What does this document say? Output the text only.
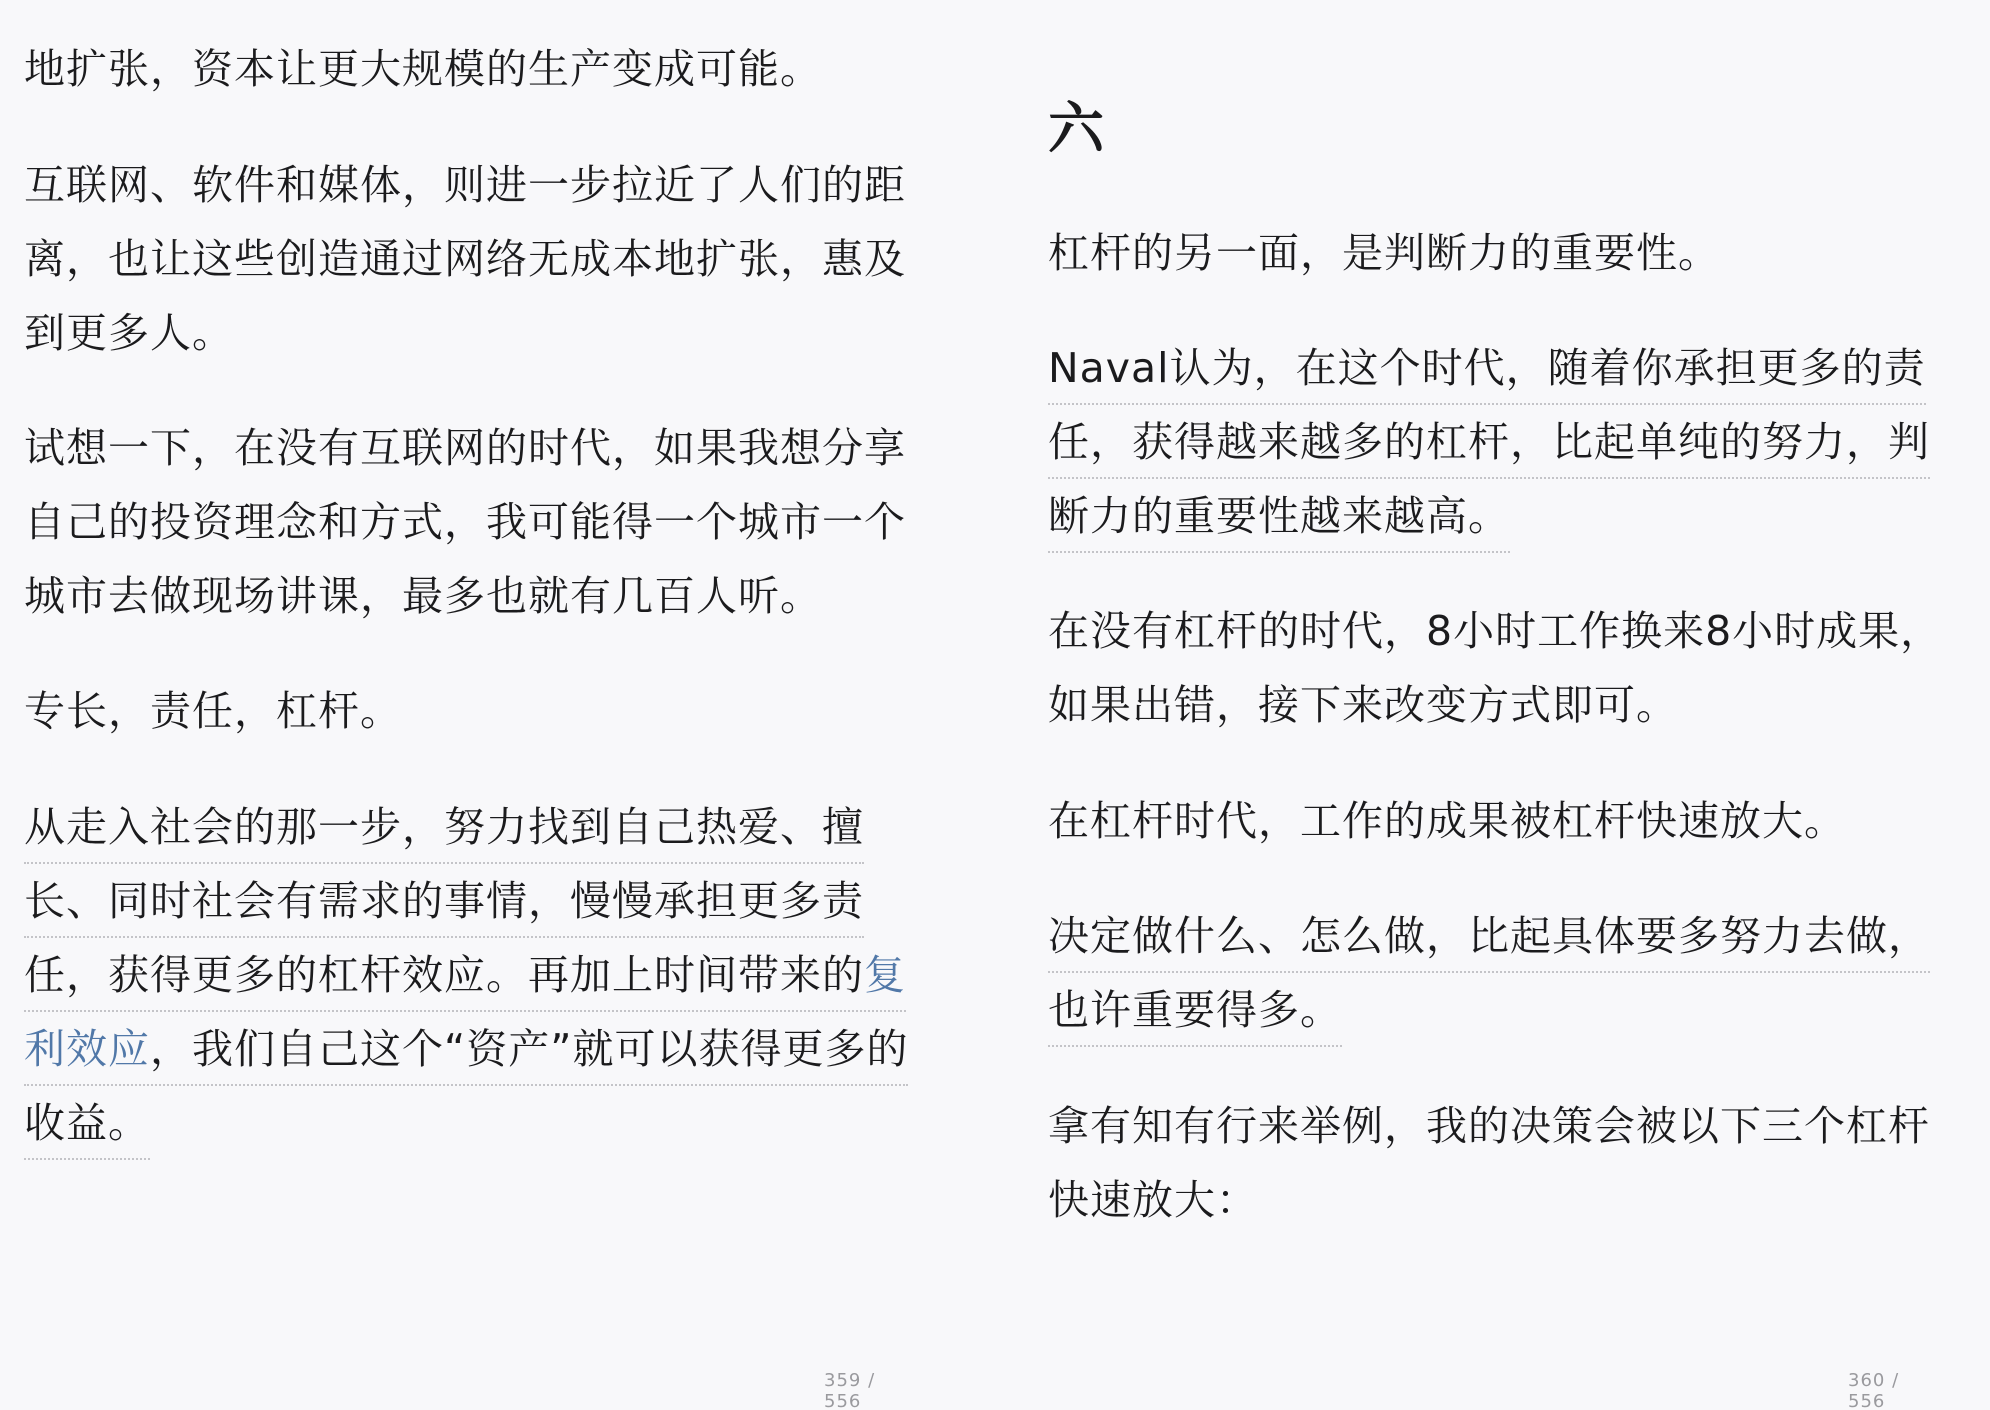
地扩张，资本让更大规模的生产变成可能。

互联网、软件和媒体，则进一步拉近了人们的距
离，也让这些创造通过网络无成本地扩张，惠及
到更多人。

试想一下，在没有互联网的时代，如果我想分享
自己的投资理念和方式，我可能得一个城市一个
城市去做现场讲课，最多也就有几百人听。

专长，责任，杠杆。

从走入社会的那一步，努力找到自己热爱、擅
长、同时社会有需求的事情，慢慢承担更多责
任，获得更多的杠杆效应。再加上时间带来的复
利效应，我们自己这个“资产”就可以获得更多的
收益。

359 / 556
六

杠杆的另一面，是判断力的重要性。

Naval认为，在这个时代，随着你承担更多的责
任，获得越来越多的杠杆，比起单纯的努力，判
断力的重要性越来越高。

在没有杠杆的时代，8小时工作换来8小时成果，
如果出错，接下来改变方式即可。

在杠杆时代，工作的成果被杠杆快速放大。

决定做什么、怎么做，比起具体要多努力去做，
也许重要得多。

拿有知有行来举例，我的决策会被以下三个杠杆
快速放大：

360 / 556
